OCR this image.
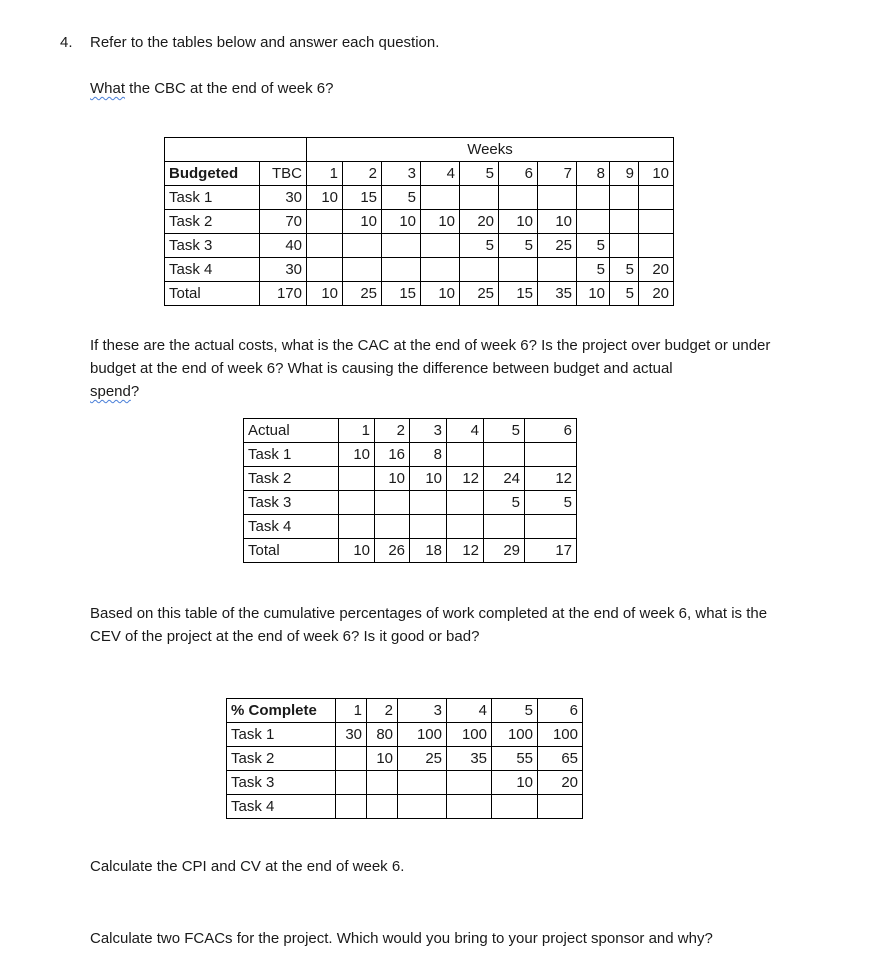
4. Refer to the tables below and answer each question.
What the CBC at the end of week 6?
		Weeks									
Budgeted	TBC	1	2	3	4	5	6	7	8	9	10
Task 1	30	10	15	5							
Task 2	70		10	10	10	20	10	10			
Task 3	40					5	5	25	5		
Task 4	30								5	5	20
Total	170	10	25	15	10	25	15	35	10	5	20
If these are the actual costs, what is the CAC at the end of week 6? Is the project over budget or under budget at the end of week 6? What is causing the difference between budget and actual
spend?
Actual	1	2	3	4	5	6
Task 1	10	16	8			
Task 2		10	10	12	24	12
Task 3					5	5
Task 4						
Total	10	26	18	12	29	17
Based on this table of the cumulative percentages of work completed at the end of week 6, what is the CEV of the project at the end of week 6? Is it good or bad?
% Complete	1	2	3	4	5	6
Task 1	30	80	100	100	100	100
Task 2		10	25	35	55	65
Task 3					10	20
Task 4						
Calculate the CPI and CV at the end of week 6.
Calculate two FCACs for the project. Which would you bring to your project sponsor and why?
